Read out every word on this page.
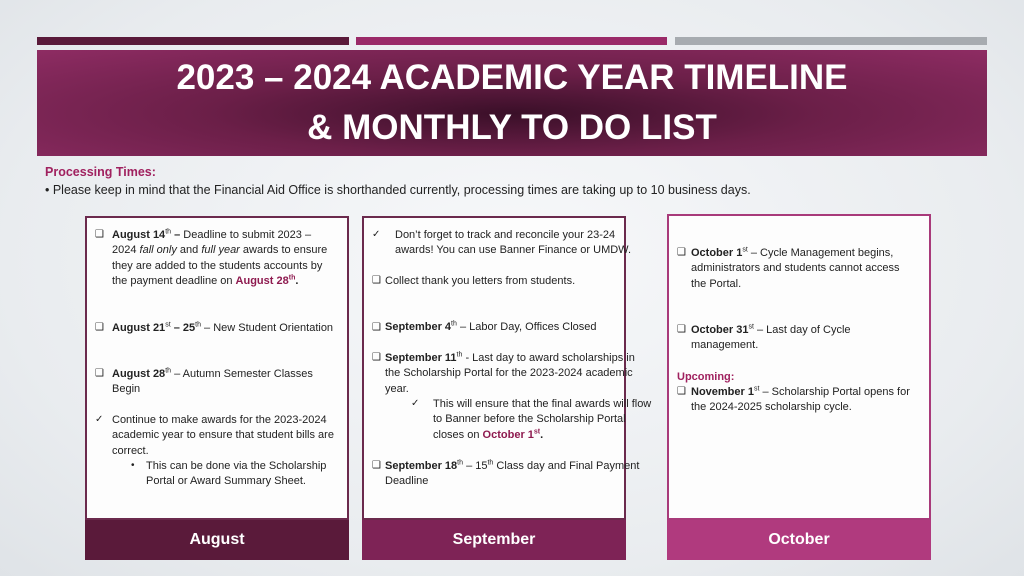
2023 – 2024 ACADEMIC YEAR TIMELINE
& MONTHLY TO DO LIST
Processing Times:
• Please keep in mind that the Financial Aid Office is shorthanded currently, processing times are taking up to 10 business days.
❑ August 14th – Deadline to submit 2023 – 2024 fall only and full year awards to ensure they are added to the students accounts by the payment deadline on August 28th.
❑ August 21st – 25th – New Student Orientation
❑ August 28th – Autumn Semester Classes Begin
✓ Continue to make awards for the 2023-2024 academic year to ensure that student bills are correct.
• This can be done via the Scholarship Portal or Award Summary Sheet.
✓ Don’t forget to track and reconcile your 23-24 awards! You can use Banner Finance or UMDW.
❑ Collect thank you letters from students.
❑ September 4th – Labor Day, Offices Closed
❑ September 11th - Last day to award scholarships in the Scholarship Portal for the 2023-2024 academic year.
✓ This will ensure that the final awards will flow to Banner before the Scholarship Portal closes on October 1st.
❑ September 18th – 15th Class day and Final Payment Deadline
❑ October 1st – Cycle Management begins, administrators and students cannot access the Portal.
❑ October 31st – Last day of Cycle management.
Upcoming:
❑ November 1st – Scholarship Portal opens for the 2024-2025 scholarship cycle.
August	September	October
